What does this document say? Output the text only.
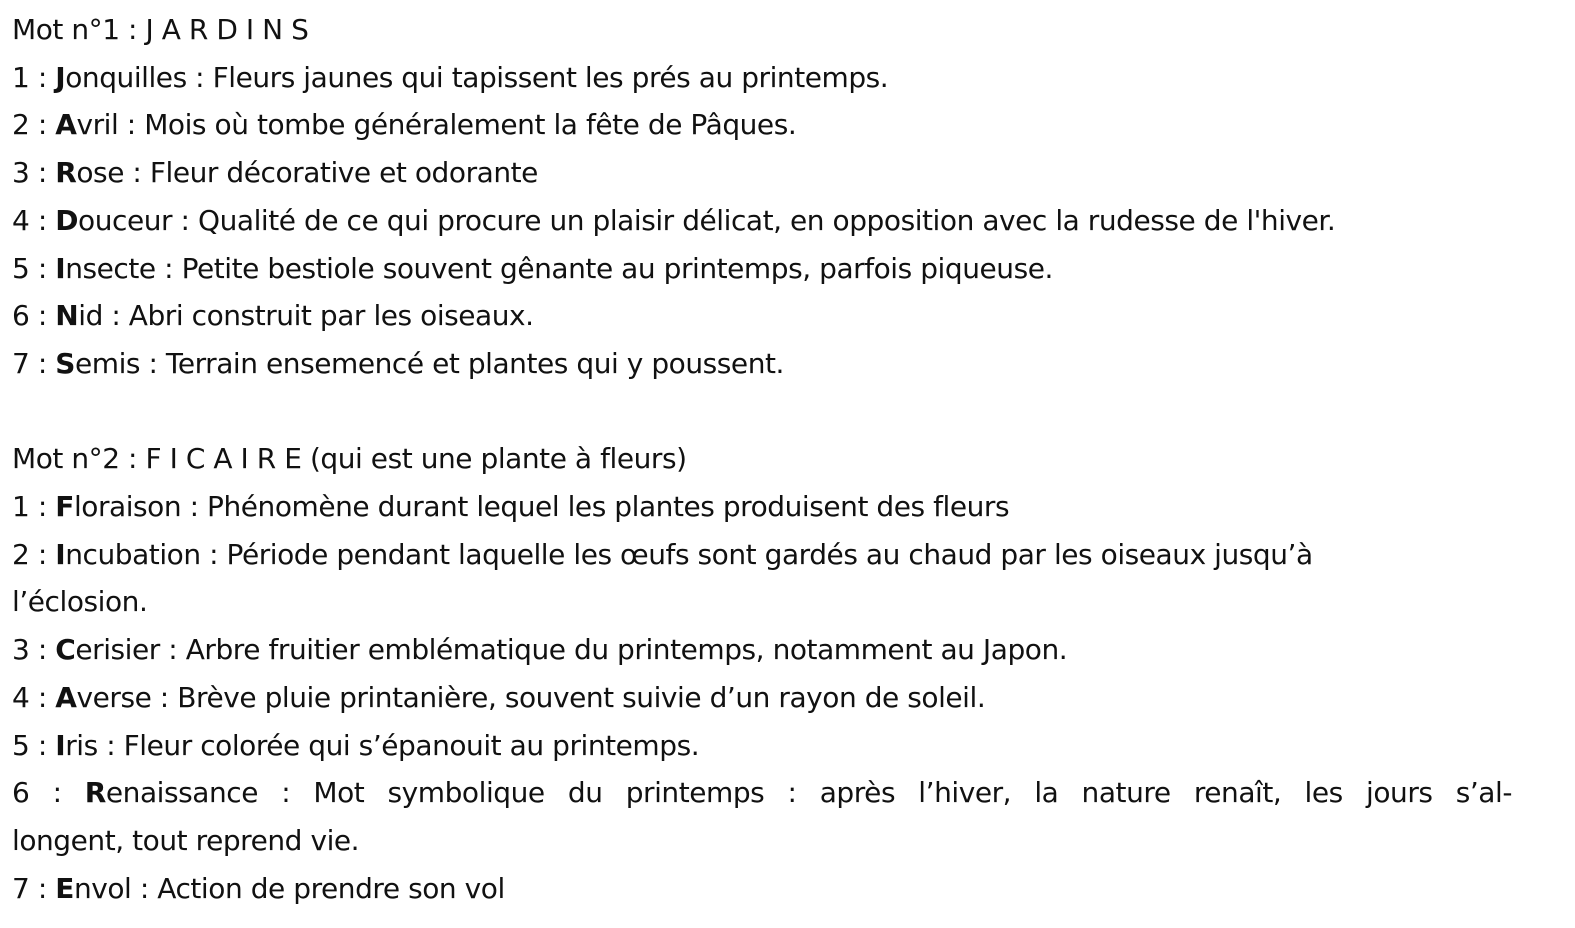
Mot n°1 : J A R D I N S
1 : Jonquilles : Fleurs jaunes qui tapissent les prés au printemps.
2 : Avril : Mois où tombe généralement la fête de Pâques.
3 : Rose : Fleur décorative et odorante
4 : Douceur : Qualité de ce qui procure un plaisir délicat, en opposition avec la rudesse de l'hiver.
5 : Insecte : Petite bestiole souvent gênante au printemps, parfois piqueuse.
6 : Nid : Abri construit par les oiseaux.
7 : Semis : Terrain ensemencé et plantes qui y poussent.
Mot n°2 : F I C A I R E (qui est une plante à fleurs)
1 : Floraison : Phénomène durant lequel les plantes produisent des fleurs
2 : Incubation : Période pendant laquelle les œufs sont gardés au chaud par les oiseaux jusqu’à
l’éclosion.
3 : Cerisier : Arbre fruitier emblématique du printemps, notamment au Japon.
4 : Averse : Brève pluie printanière, souvent suivie d’un rayon de soleil.
5 : Iris : Fleur colorée qui s’épanouit au printemps.
6 : Renaissance : Mot symbolique du printemps : après l’hiver, la nature renaît, les jours s’al-
longent, tout reprend vie.
7 : Envol : Action de prendre son vol
